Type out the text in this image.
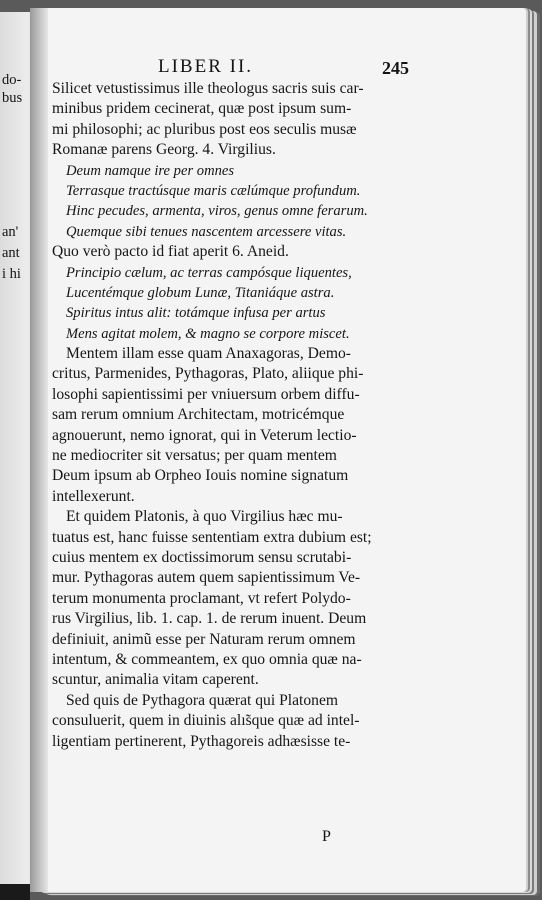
do-
bus
an'
ant
i hi
LIBER II.	245
Silicet vetustissimus ille theologus sacris suis car-
minibus pridem cecinerat, quæ post ipsum sum-
mi philosophi; ac pluribus post eos seculis musæ
Romanæ parens Georg. 4. Virgilius.
Deum namque ire per omnes
Terrasque tractúsque maris cælúmque profundum.
Hinc pecudes, armenta, viros, genus omne ferarum.
Quemque sibi tenues nascentem arcessere vitas.
Quo verò pacto id fiat aperit 6. Aneid.
Principio cælum, ac terras campósque liquentes,
Lucentémque globum Lunæ, Titaniáque astra.
Spiritus intus alit: totámque infusa per artus
Mens agitat molem, & magno se corpore miscet.
Mentem illam esse quam Anaxagoras, Demo-
critus, Parmenides, Pythagoras, Plato, aliique phi-
losophi sapientissimi per vniuersum orbem diffu-
sam rerum omnium Architectam, motricémque
agnouerunt, nemo ignorat, qui in Veterum lectio-
ne mediocriter sit versatus; per quam mentem
Deum ipsum ab Orpheo Iouis nomine signatum
intellexerunt.
Et quidem Platonis, à quo Virgilius hæc mu-
tuatus est, hanc fuisse sententiam extra dubium est;
cuius mentem ex doctissimorum sensu scrutabi-
mur. Pythagoras autem quem sapientissimum Ve-
terum monumenta proclamant, vt refert Polydo-
rus Virgilius, lib. 1. cap. 1. de rerum inuent. Deum
definiuit, animũ esse per Naturam rerum omnem
intentum, & commeantem, ex quo omnia quæ na-
scuntur, animalia vitam caperent.
Sed quis de Pythagora quærat qui Platonem
consuluerit, quem in diuinis alı̃sque quæ ad intel-
ligentiam pertinerent, Pythagoreis adhæsisse te-
P
